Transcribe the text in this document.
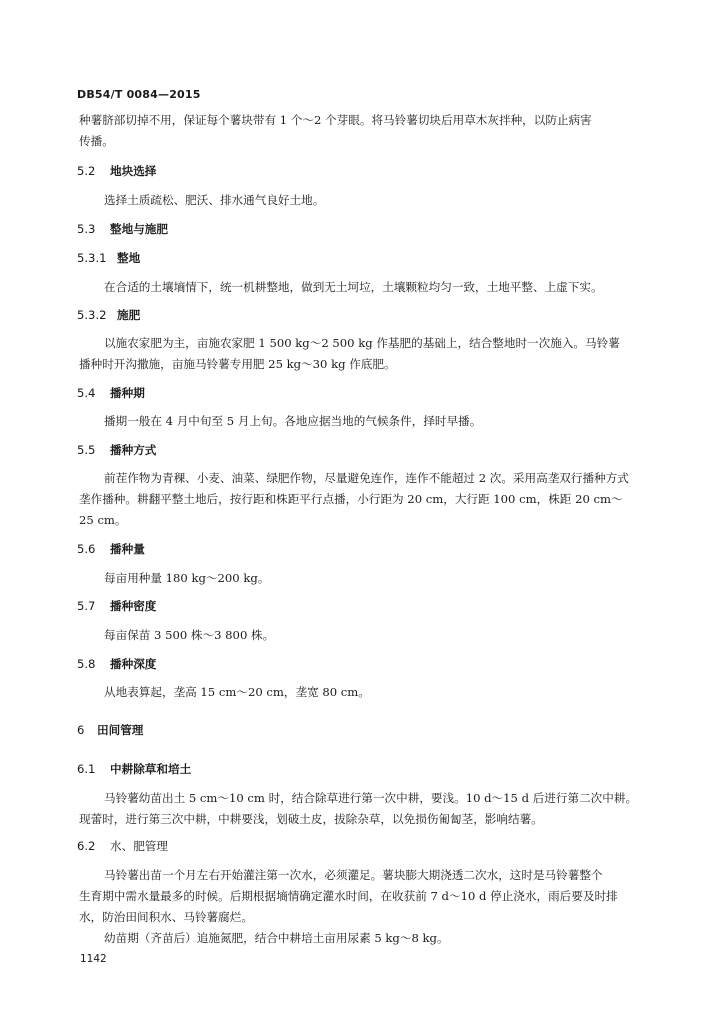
DB54/T 0084—2015
种薯脐部切掉不用，保证每个薯块带有 1 个～2 个芽眼。将马铃薯切块后用草木灰拌种，以防止病害
传播。
5.2 地块选择
选择土质疏松、肥沃、排水通气良好土地。
5.3 整地与施肥
5.3.1 整地
在合适的土壤墒情下，统一机耕整地，做到无土坷垃，土壤颗粒均匀一致，土地平整、上虚下实。
5.3.2 施肥
以施农家肥为主，亩施农家肥 1 500 kg～2 500 kg 作基肥的基础上，结合整地时一次施入。马铃薯
播种时开沟撒施，亩施马铃薯专用肥 25 kg～30 kg 作底肥。
5.4 播种期
播期一般在 4 月中旬至 5 月上旬。各地应据当地的气候条件，择时早播。
5.5 播种方式
前茬作物为青稞、小麦、油菜、绿肥作物，尽量避免连作，连作不能超过 2 次。采用高垄双行播种方式
垄作播种。耕翻平整土地后，按行距和株距平行点播，小行距为 20 cm，大行距 100 cm，株距 20 cm～
25 cm。
5.6 播种量
每亩用种量 180 kg～200 kg。
5.7 播种密度
每亩保苗 3 500 株～3 800 株。
5.8 播种深度
从地表算起，垄高 15 cm～20 cm，垄宽 80 cm。
6 田间管理
6.1 中耕除草和培土
马铃薯幼苗出土 5 cm～10 cm 时，结合除草进行第一次中耕，要浅。10 d～15 d 后进行第二次中耕。
现蕾时，进行第三次中耕，中耕要浅，划破土皮，拔除杂草，以免损伤匍匐茎，影响结薯。
6.2 水、肥管理
马铃薯出苗一个月左右开始灌注第一次水，必须灌足。薯块膨大期浇透二次水，这时是马铃薯整个
生育期中需水量最多的时候。后期根据墒情确定灌水时间，在收获前 7 d～10 d 停止浇水，雨后要及时排
水，防治田间积水、马铃薯腐烂。
幼苗期（齐苗后）追施氮肥，结合中耕培土亩用尿素 5 kg～8 kg。
1142
